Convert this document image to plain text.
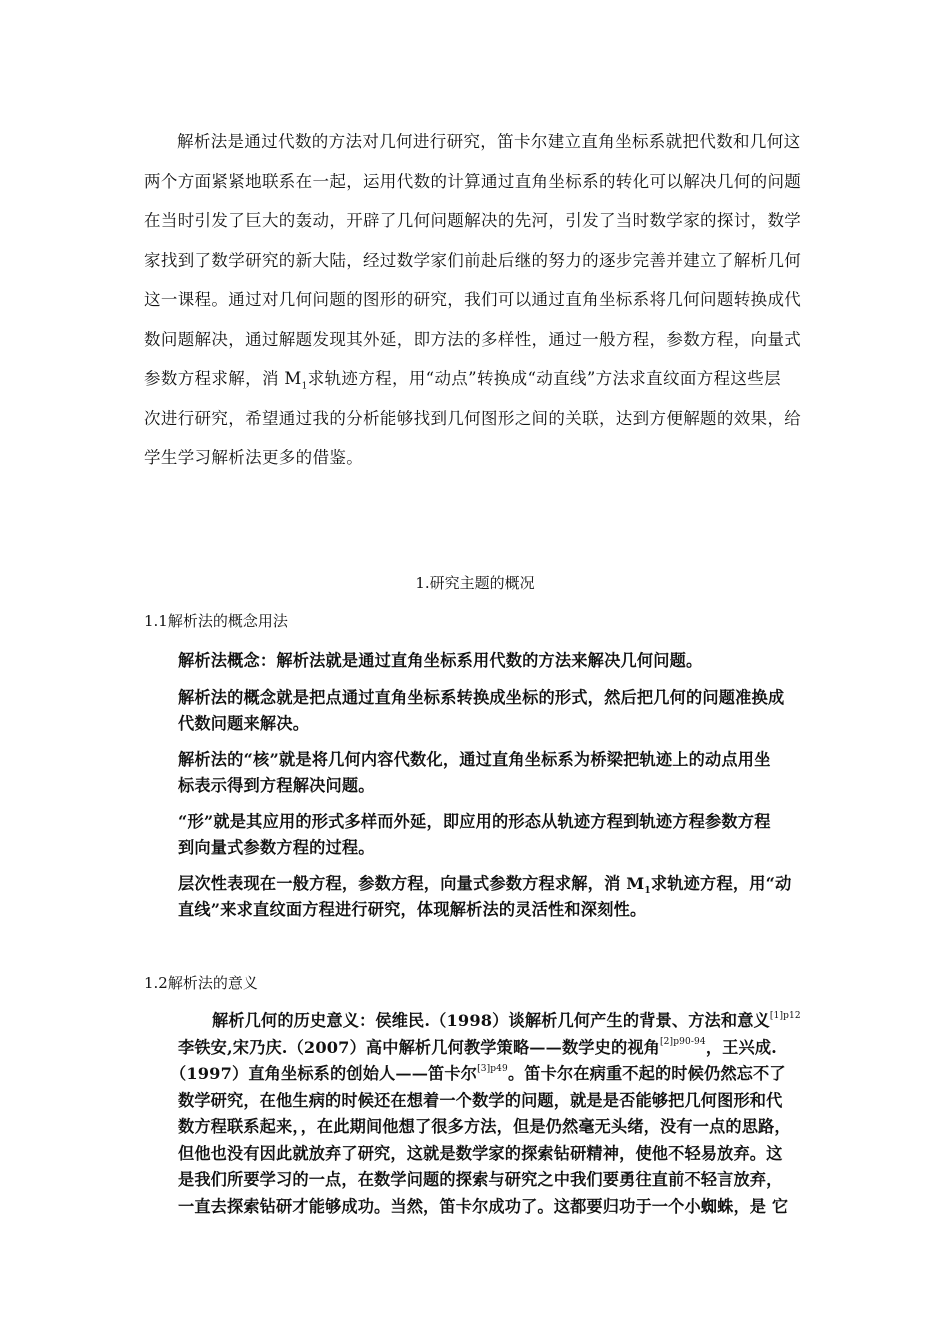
解析法是通过代数的方法对几何进行研究，笛卡尔建立直角坐标系就把代数和几何这
两个方面紧紧地联系在一起，运用代数的计算通过直角坐标系的转化可以解决几何的问题
在当时引发了巨大的轰动，开辟了几何问题解决的先河，引发了当时数学家的探讨，数学
家找到了数学研究的新大陆，经过数学家们前赴后继的努力的逐步完善并建立了解析几何
这一课程。通过对几何问题的图形的研究，我们可以通过直角坐标系将几何问题转换成代
数问题解决，通过解题发现其外延，即方法的多样性，通过一般方程，参数方程，向量式
参数方程求解，消 $M_1$求轨迹方程，用“动点”转换成“动直线”方法求直纹面方程这些层
次进行研究，希望通过我的分析能够找到几何图形之间的关联，达到方便解题的效果，给
学生学习解析法更多的借鉴。

1.研究主题的概况
1.1解析法的概念用法

解析法概念：解析法就是通过直角坐标系用代数的方法来解决几何问题。

解析法的概念就是把点通过直角坐标系转换成坐标的形式，然后把几何的问题准换成
代数问题来解决。

解析法的“核”就是将几何内容代数化，通过直角坐标系为桥梁把轨迹上的动点用坐
标表示得到方程解决问题。

“形”就是其应用的形式多样而外延，即应用的形态从轨迹方程到轨迹方程参数方程
到向量式参数方程的过程。

层次性表现在一般方程，参数方程，向量式参数方程求解，消 $M_1$求轨迹方程，用“动
直线”来求直纹面方程进行研究，体现解析法的灵活性和深刻性。

1.2解析法的意义
解析几何的历史意义：侯维民.（1998）谈解析几何产生的背景、方法和意义$^{[1]p12}$
李铁安,宋乃庆.（2007）高中解析几何教学策略——数学史的视角$^{[2]p90-94}$，王兴成.
（1997）直角坐标系的创始人——笛卡尔$^{[3]p49}$。笛卡尔在病重不起的时候仍然忘不了
数学研究，在他生病的时候还在想着一个数学的问题，就是是否能够把几何图形和代
数方程联系起来，，在此期间他想了很多方法，但是仍然毫无头绪，没有一点的思路，
但他也没有因此就放弃了研究，这就是数学家的探索钻研精神，使他不轻易放弃。这
是我们所要学习的一点，在数学问题的探索与研究之中我们要勇往直前不轻言放弃，
一直去探索钻研才能够成功。当然，笛卡尔成功了。这都要归功于一个小蜘蛛，是 它
